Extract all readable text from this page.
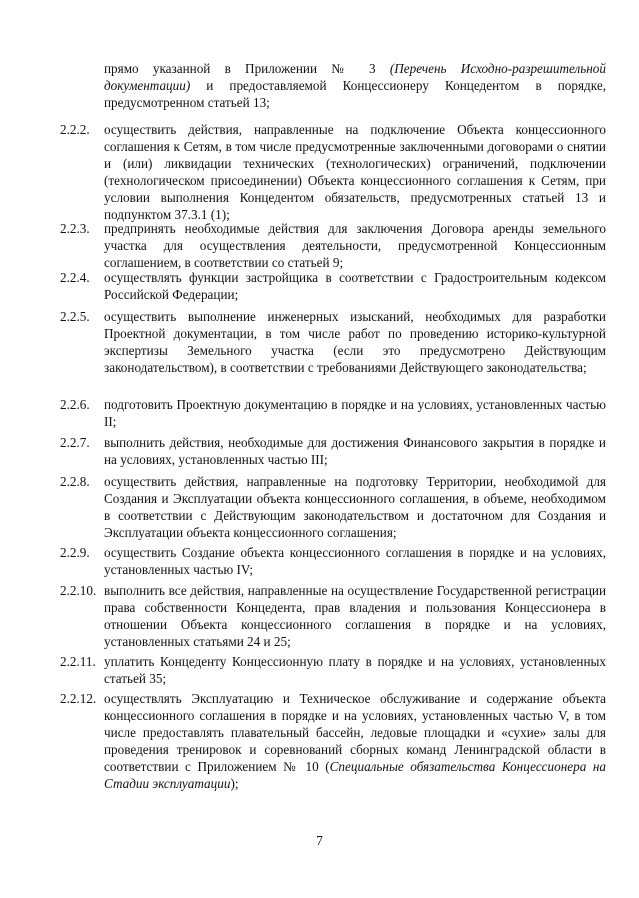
прямо указанной в Приложении № 3 (Перечень Исходно-разрешительной документации) и предоставляемой Концессионеру Концедентом в порядке, предусмотренном статьей 13;
2.2.2. осуществить действия, направленные на подключение Объекта концессионного соглашения к Сетям, в том числе предусмотренные заключенными договорами о снятии и (или) ликвидации технических (технологических) ограничений, подключении (технологическом присоединении) Объекта концессионного соглашения к Сетям, при условии выполнения Концедентом обязательств, предусмотренных статьей 13 и подпунктом 37.3.1 (1);
2.2.3. предпринять необходимые действия для заключения Договора аренды земельного участка для осуществления деятельности, предусмотренной Концессионным соглашением, в соответствии со статьей 9;
2.2.4. осуществлять функции застройщика в соответствии с Градостроительным кодексом Российской Федерации;
2.2.5. осуществить выполнение инженерных изысканий, необходимых для разработки Проектной документации, в том числе работ по проведению историко-культурной экспертизы Земельного участка (если это предусмотрено Действующим законодательством), в соответствии с требованиями Действующего законодательства;
2.2.6. подготовить Проектную документацию в порядке и на условиях, установленных частью II;
2.2.7. выполнить действия, необходимые для достижения Финансового закрытия в порядке и на условиях, установленных частью III;
2.2.8. осуществить действия, направленные на подготовку Территории, необходимой для Создания и Эксплуатации объекта концессионного соглашения, в объеме, необходимом в соответствии с Действующим законодательством и достаточном для Создания и Эксплуатации объекта концессионного соглашения;
2.2.9. осуществить Создание объекта концессионного соглашения в порядке и на условиях, установленных частью IV;
2.2.10. выполнить все действия, направленные на осуществление Государственной регистрации права собственности Концедента, прав владения и пользования Концессионера в отношении Объекта концессионного соглашения в порядке и на условиях, установленных статьями 24 и 25;
2.2.11. уплатить Концеденту Концессионную плату в порядке и на условиях, установленных статьей 35;
2.2.12. осуществлять Эксплуатацию и Техническое обслуживание и содержание объекта концессионного соглашения в порядке и на условиях, установленных частью V, в том числе предоставлять плавательный бассейн, ледовые площадки и «сухие» залы для проведения тренировок и соревнований сборных команд Ленинградской области в соответствии с Приложением № 10 (Специальные обязательства Концессионера на Стадии эксплуатации);
7
